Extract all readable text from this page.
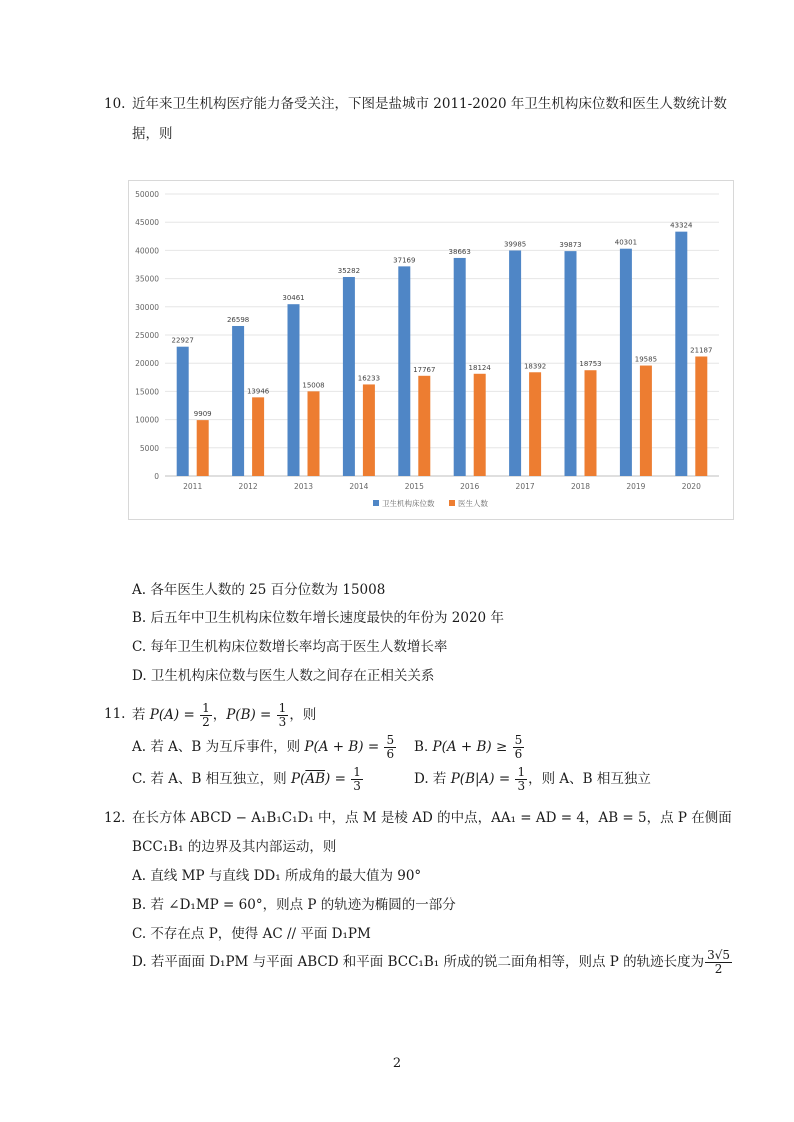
10. 近年来卫生机构医疗能力备受关注，下图是盐城市 2011-2020 年卫生机构床位数和医生人数统计数
据，则
0
5000
10000
15000
20000
25000
30000
35000
40000
45000
50000
2011
22927
9909
2012
26598
13946
2013
30461
15008
2014
35282
16233
2015
37169
17767
2016
38663
18124
2017
39985
18392
2018
39873
18753
2019
40301
19585
2020
43324
21187
卫生机构床位数	医生人数
A. 各年医生人数的 25 百分位数为 15008
B. 后五年中卫生机构床位数年增长速度最快的年份为 2020 年
C. 每年卫生机构床位数增长率均高于医生人数增长率
D. 卫生机构床位数与医生人数之间存在正相关关系
11. 若 $P(A) = \frac{1}{2}$ ，$P(B) = \frac{1}{3}$ ，则
A. 若 A、B 为互斥事件，则 $P(A + B) = \frac{5}{6} B$. $P(A + B) \ge \frac{5}{6}$
C. 若 A、B 相互独立，则 $P(\overline{AB}) = \frac{1}{3}$	D. 若 $P(B|A) = \frac{1}{3}$ ，则 A、B 相互独立
12. 在长方体 ABCD − A₁B₁C₁D₁ 中，点 M 是棱 AD 的中点，AA₁ = AD = 4，AB = 5，点 P 在侧面
BCC₁B₁ 的边界及其内部运动，则
A. 直线 MP 与直线 DD₁ 所成角的最大值为 90°
B. 若 ∠D₁MP = 60°，则点 P 的轨迹为椭圆的一部分
C. 不存在点 P，使得 AC // 平面 D₁PM
D. 若平面面 D₁PM 与平面 ABCD 和平面 BCC₁B₁ 所成的锐二面角相等，则点 P 的轨迹长度为 $\frac{3√5}{2}$
2
